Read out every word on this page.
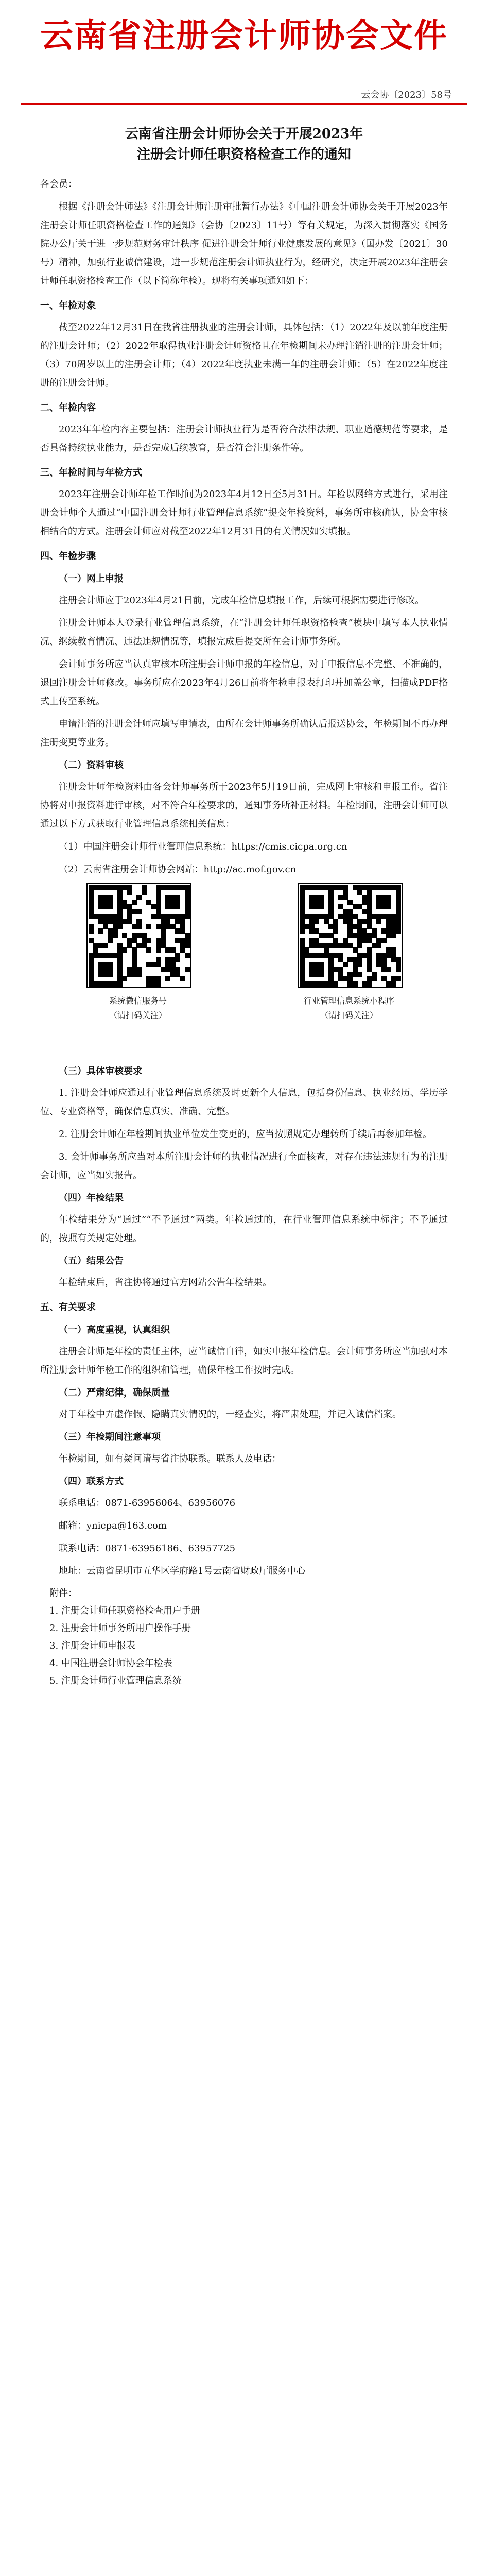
云南省注册会计师协会文件
云会协〔2023〕58号
云南省注册会计师协会关于开展2023年
注册会计师任职资格检查工作的通知

各会员：

根据《注册会计师法》《注册会计师注册审批暂行办法》《中国注册会计师协会关于开展2023年注册会计师任职资格检查工作的通知》（会协〔2023〕11号）等有关规定，为深入贯彻落实《国务院办公厅关于进一步规范财务审计秩序 促进注册会计师行业健康发展的意见》（国办发〔2021〕30号）精神，加强行业诚信建设，进一步规范注册会计师执业行为，经研究，决定开展2023年注册会计师任职资格检查工作（以下简称年检）。现将有关事项通知如下：

一、年检对象

截至2022年12月31日在我省注册执业的注册会计师，具体包括：（1）2022年及以前年度注册的注册会计师；（2）2022年取得执业注册会计师资格且在年检期间未办理注销注册的注册会计师；（3）70周岁以上的注册会计师；（4）2022年度执业未满一年的注册会计师；（5）在2022年度注册的注册会计师。

二、年检内容

2023年年检内容主要包括：注册会计师执业行为是否符合法律法规、职业道德规范等要求，是否具备持续执业能力，是否完成后续教育，是否符合注册条件等。

三、年检时间与年检方式

2023年注册会计师年检工作时间为2023年4月12日至5月31日。年检以网络方式进行，采用注册会计师个人通过“中国注册会计师行业管理信息系统”提交年检资料，事务所审核确认，协会审核相结合的方式。注册会计师应对截至2022年12月31日的有关情况如实填报。

四、年检步骤
（一）网上申报

注册会计师应于2023年4月21日前，完成年检信息填报工作，后续可根据需要进行修改。

注册会计师本人登录行业管理信息系统，在“注册会计师任职资格检查”模块中填写本人执业情况、继续教育情况、违法违规情况等，填报完成后提交所在会计师事务所。

会计师事务所应当认真审核本所注册会计师申报的年检信息，对于申报信息不完整、不准确的，退回注册会计师修改。事务所应在2023年4月26日前将年检申报表打印并加盖公章，扫描成PDF格式上传至系统。

申请注销的注册会计师应填写申请表，由所在会计师事务所确认后报送协会，年检期间不再办理注册变更等业务。

（二）资料审核

注册会计师年检资料由各会计师事务所于2023年5月19日前，完成网上审核和申报工作。省注协将对申报资料进行审核，对不符合年检要求的，通知事务所补正材料。年检期间，注册会计师可以通过以下方式获取行业管理信息系统相关信息：

（1）中国注册会计师行业管理信息系统：https://cmis.cicpa.org.cn

（2）云南省注册会计师协会网站：http://ac.mof.gov.cn

系统微信服务号
（请扫码关注）
行业管理信息系统小程序
（请扫码关注）
（三）具体审核要求

1. 注册会计师应通过行业管理信息系统及时更新个人信息，包括身份信息、执业经历、学历学位、专业资格等，确保信息真实、准确、完整。

2. 注册会计师在年检期间执业单位发生变更的，应当按照规定办理转所手续后再参加年检。

3. 会计师事务所应当对本所注册会计师的执业情况进行全面核查，对存在违法违规行为的注册会计师，应当如实报告。

（四）年检结果

年检结果分为“通过”“不予通过”两类。年检通过的，在行业管理信息系统中标注；不予通过的，按照有关规定处理。

（五）结果公告

年检结束后，省注协将通过官方网站公告年检结果。

五、有关要求
（一）高度重视，认真组织

注册会计师是年检的责任主体，应当诚信自律，如实申报年检信息。会计师事务所应当加强对本所注册会计师年检工作的组织和管理，确保年检工作按时完成。

（二）严肃纪律，确保质量

对于年检中弄虚作假、隐瞒真实情况的，一经查实，将严肃处理，并记入诚信档案。

（三）年检期间注意事项

年检期间，如有疑问请与省注协联系。联系人及电话：

（四）联系方式

联系电话：0871-63956064、63956076

邮箱：ynicpa@163.com

联系电话：0871-63956186、63957725

地址：云南省昆明市五华区学府路1号云南省财政厅服务中心

附件：
1. 注册会计师任职资格检查用户手册
2. 注册会计师事务所用户操作手册
3. 注册会计师申报表
4. 中国注册会计师协会年检表
5. 注册会计师行业管理信息系统
